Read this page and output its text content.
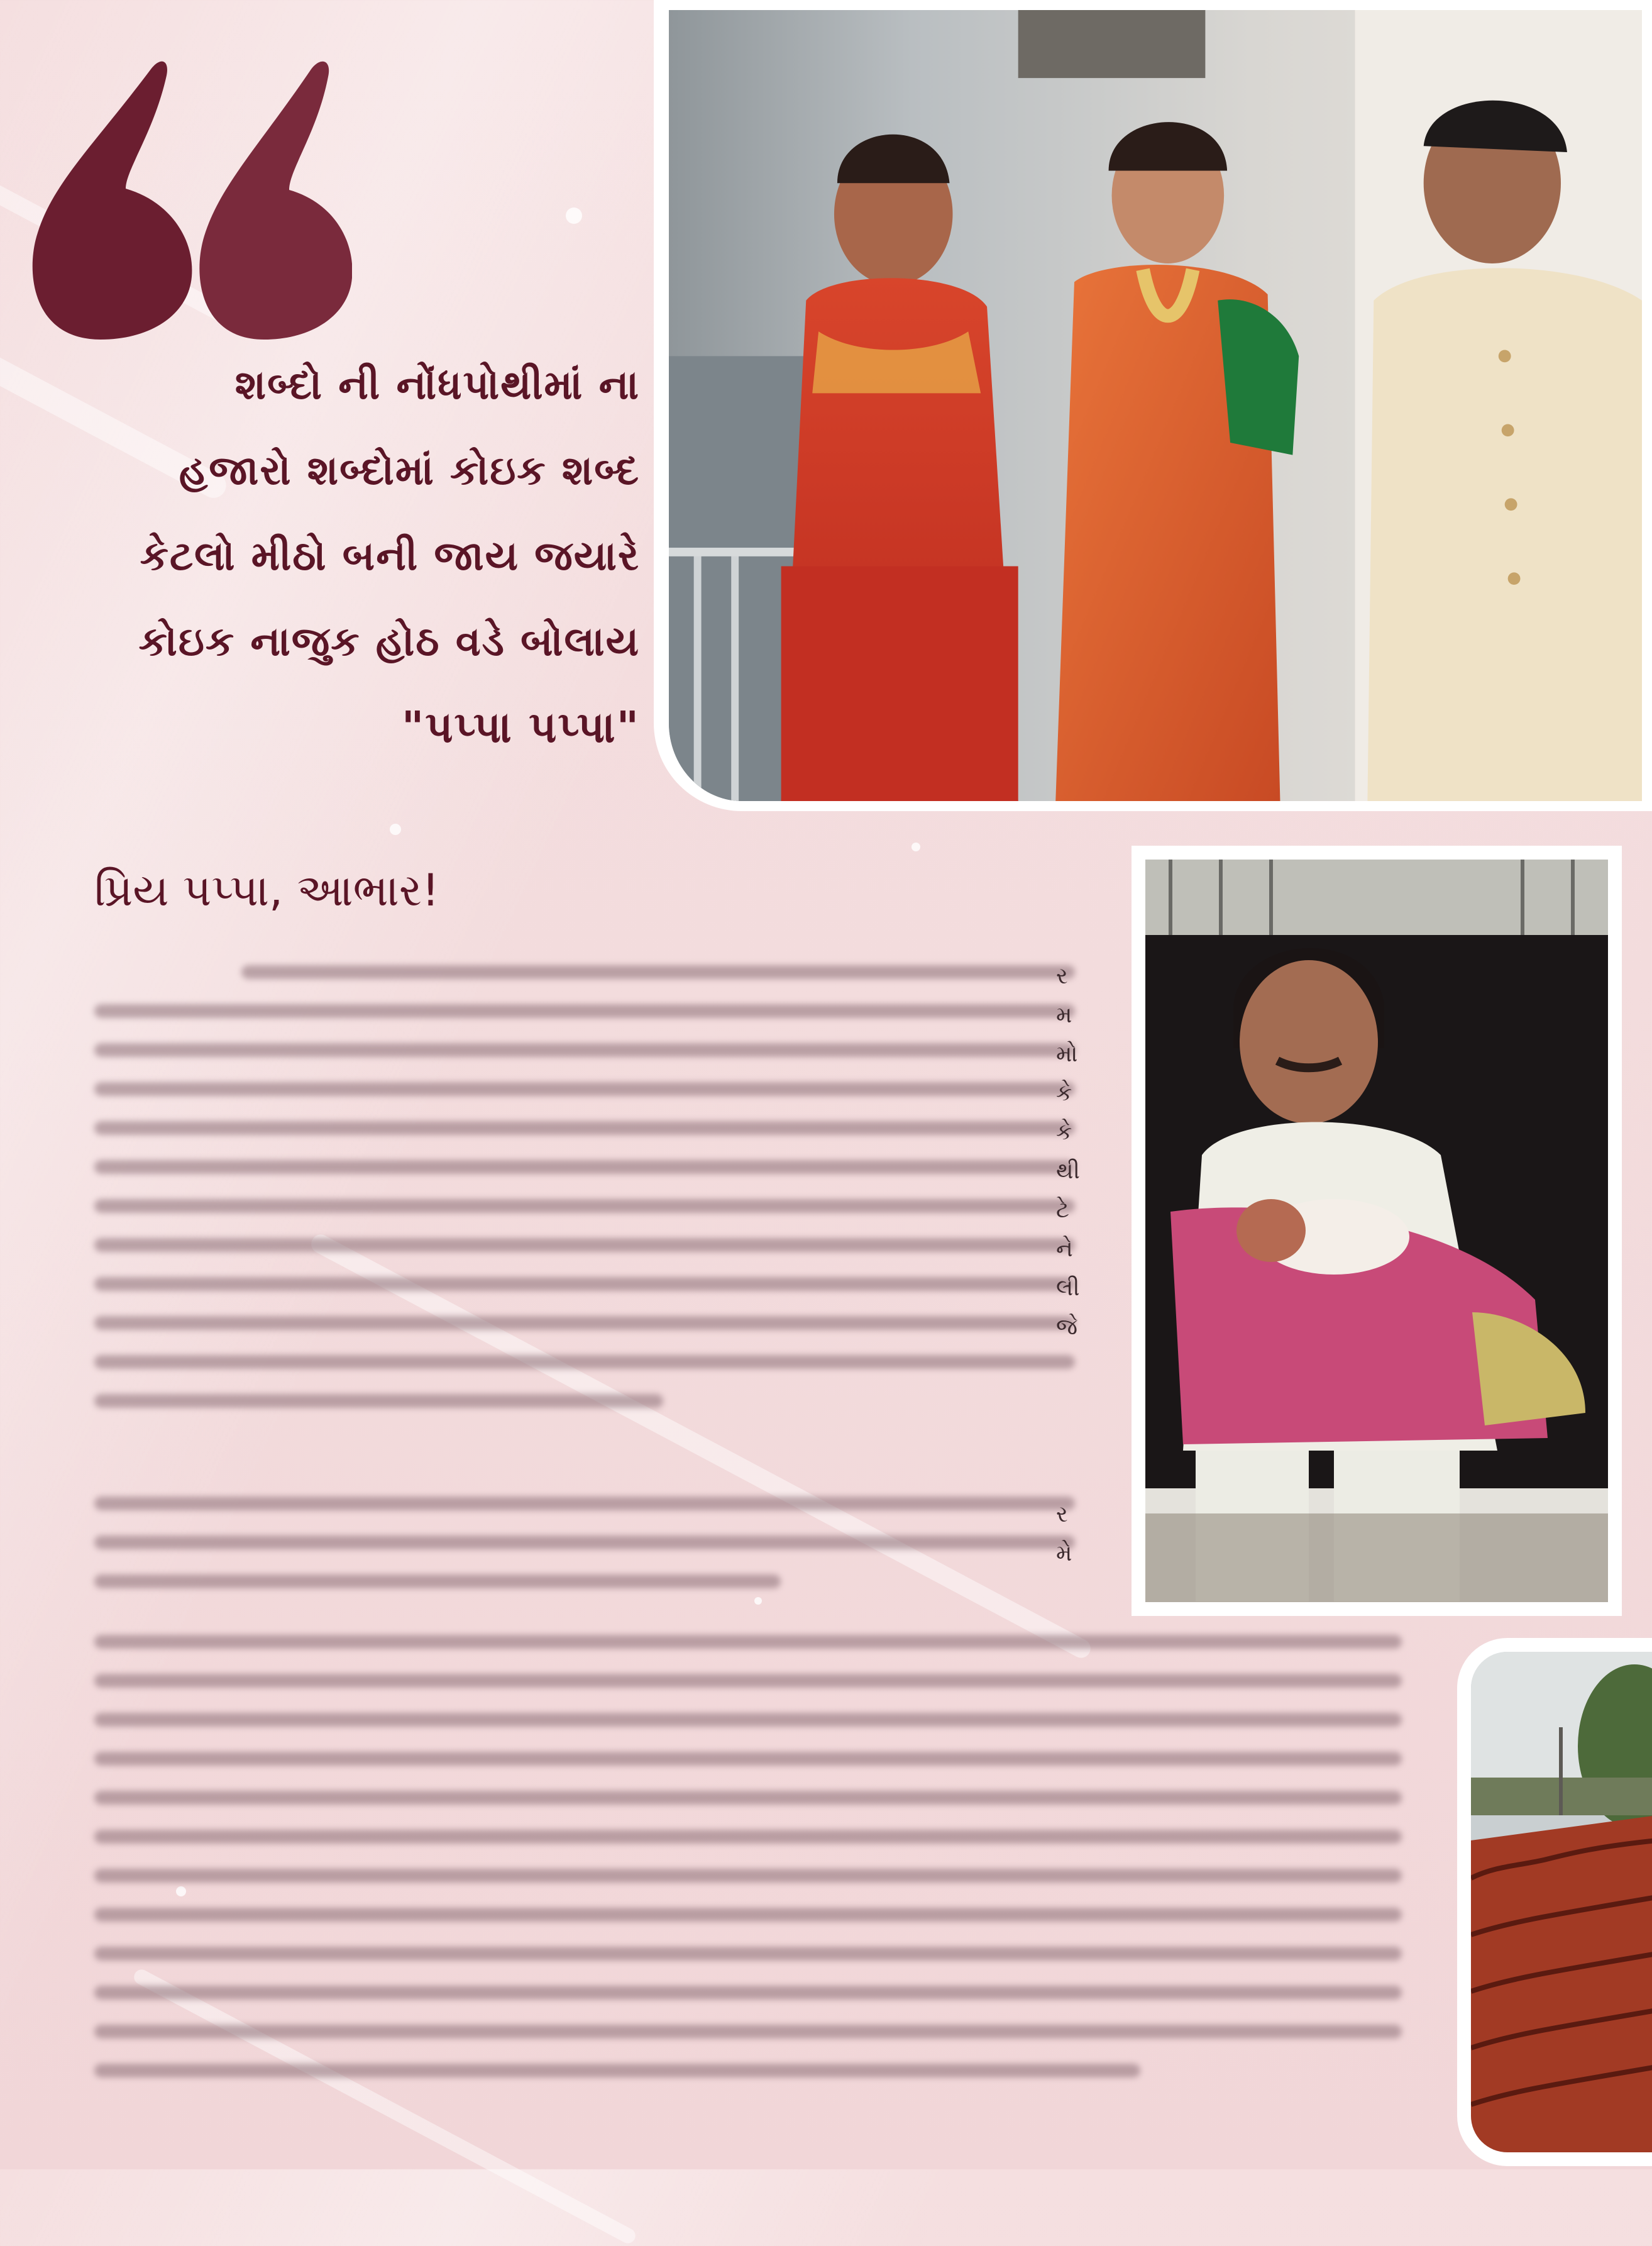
શબ્દો ની નોંધપોથીમાં ના
હજારો શબ્દોમાં કોઇક શબ્દ
કેટલો મીઠો બની જાય જયારે
કોઇક નાજુક હોઠ વડે બોલાય
"પપ્પા પપ્પા"
પ્રિય પપ્પા, આભાર!
ર
મ
મો
કે
કે
થી
ટે
ને
લી
જે
ર
મે
